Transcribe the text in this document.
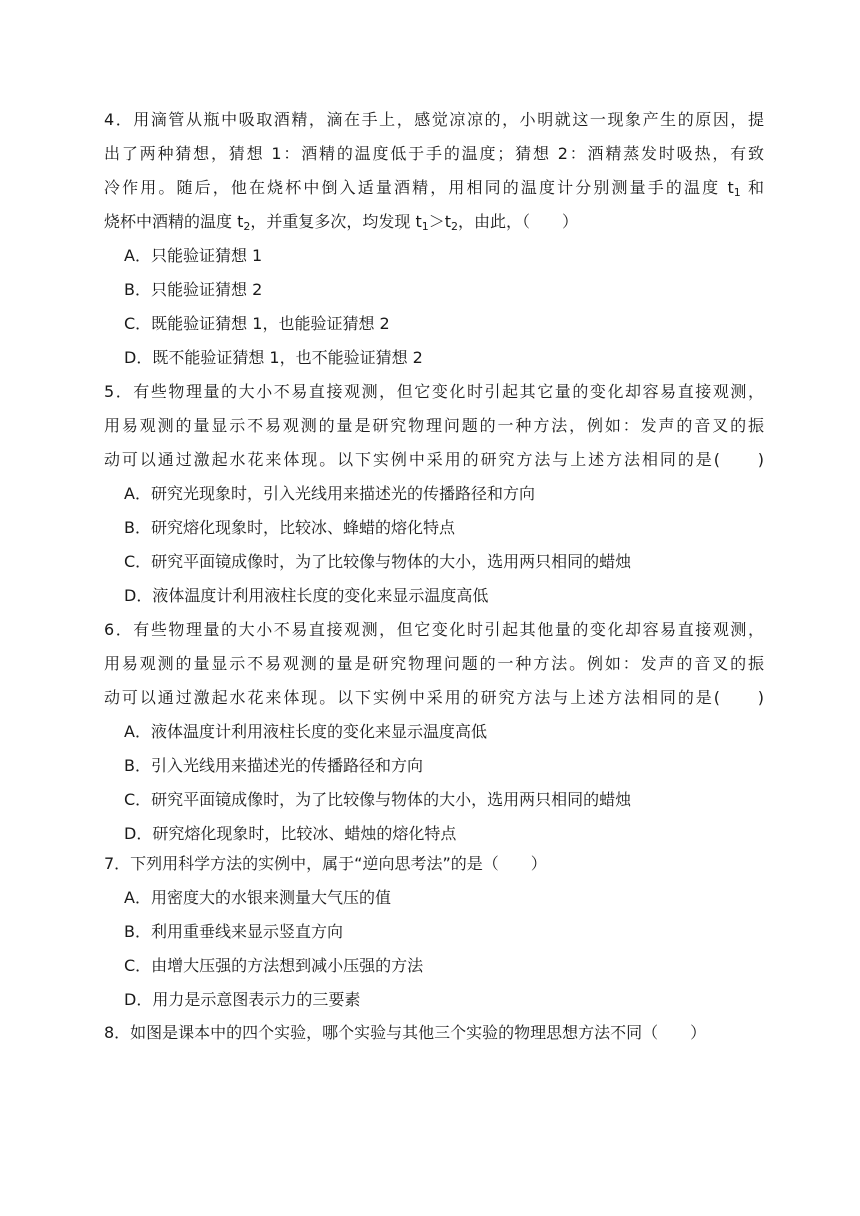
4．用滴管从瓶中吸取酒精，滴在手上，感觉凉凉的，小明就这一现象产生的原因，提
出了两种猜想，猜想 1：酒精的温度低于手的温度；猜想 2：酒精蒸发时吸热，有致
冷作用。随后，他在烧杯中倒入适量酒精，用相同的温度计分别测量手的温度 $t_1$ 和
烧杯中酒精的温度 $t_2$，并重复多次，均发现 $t_1>t_2$，由此，（　　）
A．只能验证猜想 1
B．只能验证猜想 2
C．既能验证猜想 1，也能验证猜想 2
D．既不能验证猜想 1，也不能验证猜想 2
5．有些物理量的大小不易直接观测，但它变化时引起其它量的变化却容易直接观测，
用易观测的量显示不易观测的量是研究物理问题的一种方法，例如：发声的音叉的振
动可以通过激起水花来体现。以下实例中采用的研究方法与上述方法相同的是(　　)
A．研究光现象时，引入光线用来描述光的传播路径和方向
B．研究熔化现象时，比较冰、蜂蜡的熔化特点
C．研究平面镜成像时，为了比较像与物体的大小，选用两只相同的蜡烛
D．液体温度计利用液柱长度的变化来显示温度高低
6．有些物理量的大小不易直接观测，但它变化时引起其他量的变化却容易直接观测，
用易观测的量显示不易观测的量是研究物理问题的一种方法。例如：发声的音叉的振
动可以通过激起水花来体现。以下实例中采用的研究方法与上述方法相同的是(　　)
A．液体温度计利用液柱长度的变化来显示温度高低
B．引入光线用来描述光的传播路径和方向
C．研究平面镜成像时，为了比较像与物体的大小，选用两只相同的蜡烛
D．研究熔化现象时，比较冰、蜡烛的熔化特点
7．下列用科学方法的实例中，属于“逆向思考法”的是（　　）
A．用密度大的水银来测量大气压的值
B．利用重垂线来显示竖直方向
C．由增大压强的方法想到减小压强的方法
D．用力是示意图表示力的三要素
8．如图是课本中的四个实验，哪个实验与其他三个实验的物理思想方法不同（　　）
